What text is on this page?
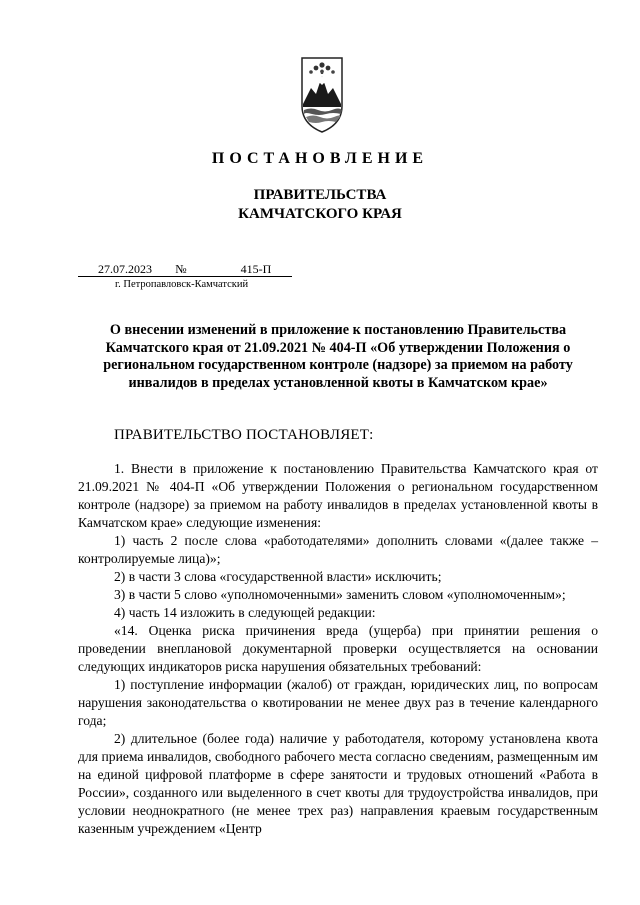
ПОСТАНОВЛЕНИЕ
ПРАВИТЕЛЬСТВА
КАМЧАТСКОГО КРАЯ
27.07.2023 №	415-П
г. Петропавловск-Камчатский
О внесении изменений в приложение к постановлению Правительства Камчатского края от 21.09.2021 № 404-П «Об утверждении Положения о региональном государственном контроле (надзоре) за приемом на работу инвалидов в пределах установленной квоты в Камчатском крае»
ПРАВИТЕЛЬСТВО ПОСТАНОВЛЯЕТ:

1. Внести в приложение к постановлению Правительства Камчатского края от 21.09.2021 № 404-П «Об утверждении Положения о региональном государственном контроле (надзоре) за приемом на работу инвалидов в пределах установленной квоты в Камчатском крае» следующие изменения:

1) часть 2 после слова «работодателями» дополнить словами «(далее также – контролируемые лица)»;

2) в части 3 слова «государственной власти» исключить;

3) в части 5 слово «уполномоченными» заменить словом «уполномоченным»;

4) часть 14 изложить в следующей редакции:

«14. Оценка риска причинения вреда (ущерба) при принятии решения о проведении внеплановой документарной проверки осуществляется на основании следующих индикаторов риска нарушения обязательных требований:

1) поступление информации (жалоб) от граждан, юридических лиц, по вопросам нарушения законодательства о квотировании не менее двух раз в течение календарного года;

2) длительное (более года) наличие у работодателя, которому установлена квота для приема инвалидов, свободного рабочего места согласно сведениям, размещенным им на единой цифровой платформе в сфере занятости и трудовых отношений «Работа в России», созданного или выделенного в счет квоты для трудоустройства инвалидов, при условии неоднократного (не менее трех раз) направления краевым государственным казенным учреждением «Центр
